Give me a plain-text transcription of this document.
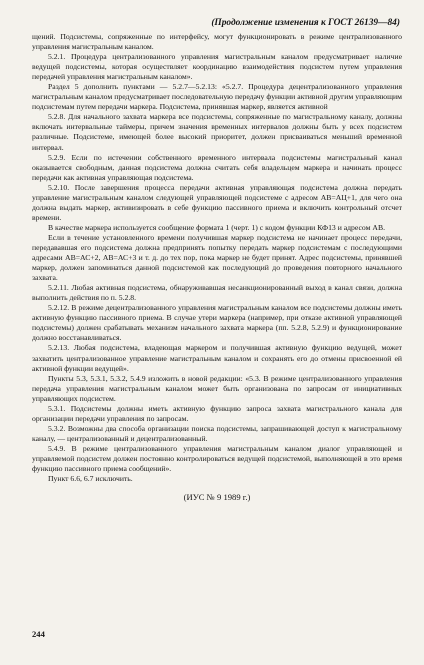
(Продолжение изменения к ГОСТ 26139—84)

щений. Подсистемы, сопряженные по интерфейсу, могут функционировать в режиме централизованного управления магистральным каналом.

5.2.1. Процедура централизованного управления магистральным каналом предусматривает наличие ведущей подсистемы, которая осуществляет координацию взаимодействия подсистем путем управления передачей управления магистральным каналом».

Раздел 5 дополнить пунктами — 5.2.7—5.2.13: «5.2.7. Процедура децентрализованного управления магистральным каналом предусматривает последовательную передачу функции активной другим управляющим подсистемам путем передачи маркера. Подсистема, принявшая маркер, является активной

5.2.8. Для начального захвата маркера все подсистемы, сопряженные по магистральному каналу, должны включать интервальные таймеры, причем значения временных интервалов должны быть у всех подсистем различные. Подсистеме, имеющей более высокий приоритет, должен присваиваться меньший временной интервал.

5.2.9. Если по истечении собственного временного интервала подсистемы магистральный канал оказывается свободным, данная подсистема должна считать себя владельцем маркера и начинать процесс передачи как активная управляющая подсистема.

5.2.10. После завершения процесса передачи активная управляющая подсистема должна передать управление магистральным каналом следующей управляющей подсистеме с адресом АВ=АЦ+1, для чего она должна выдать маркер, активизировать в себе функцию пассивного приема и включить контрольный отсчет времени.

В качестве маркера используется сообщение формата 1 (черт. 1) с кодом функции КФ13 и адресом АВ.

Если в течение установленного времени получившая маркер подсистема не начинает процесс передачи, передававшая его подсистема должна предпринять попытку передать маркер подсистемам с последующими адресами АВ=АС+2, АВ=АС+3 и т. д. до тех пор, пока маркер не будет принят. Адрес подсистемы, принявшей маркер, должен запоминаться данной подсистемой как последующий до проведения повторного начального захвата.

5.2.11. Любая активная подсистема, обнаруживавшая несанкционированный выход в канал связи, должна выполнить действия по п. 5.2.8.

5.2.12. В режиме децентрализованного управления магистральным каналом все подсистемы должны иметь активную функцию пассивного приема. В случае утери маркера (например, при отказе активной управляющей подсистемы) должен срабатывать механизм начального захвата маркера (пп. 5.2.8, 5.2.9) и функционирование должно восстанавливаться.

5.2.13. Любая подсистема, владеющая маркером и получившая активную функцию ведущей, может захватить централизованное управление магистральным каналом и сохранять его до отмены присвоенной ей активной функции ведущей».

Пункты 5.3, 5.3.1, 5.3.2, 5.4.9 изложить в новой редакции: «5.3. В режиме централизованного управления передача управления магистральным каналом может быть организована по запросам от инициативных управляющих подсистем.

5.3.1. Подсистемы должны иметь активную функцию запроса захвата магистрального канала для организации передачи управления по запросам.

5.3.2. Возможны два способа организации поиска подсистемы, запрашивающей доступ к магистральному каналу, — централизованный и децентрализованный.

5.4.9. В режиме централизованного управления магистральным каналом диалог управляющей и управляемой подсистем должен постоянно контролироваться ведущей подсистемой, выполняющей в это время функцию пассивного приема сообщений».

Пункт 6.6, 6.7 исключить.

(ИУС № 9 1989 г.)
244
